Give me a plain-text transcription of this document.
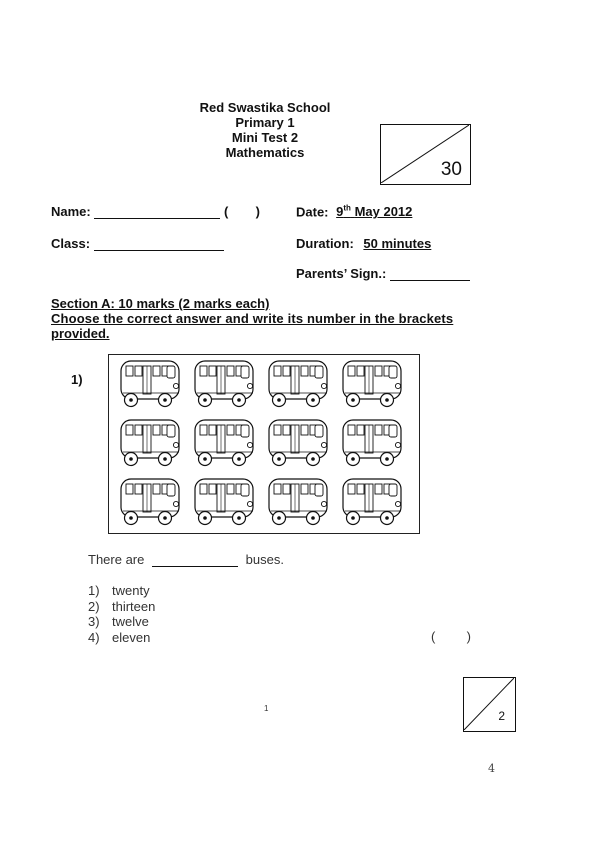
Red Swastika School
Primary 1
Mini Test 2
Mathematics
30
Name:	( )	Date: 9th May 2012
Class:	Duration: 50 minutes
Parents’ Sign.:
Section A: 10 marks (2 marks each)
Choose the correct answer and write its number in the brackets
provided.
1)
There are	buses.
1) twenty
2) thirteen
3) twelve
4) eleven	( )
2
1
4
